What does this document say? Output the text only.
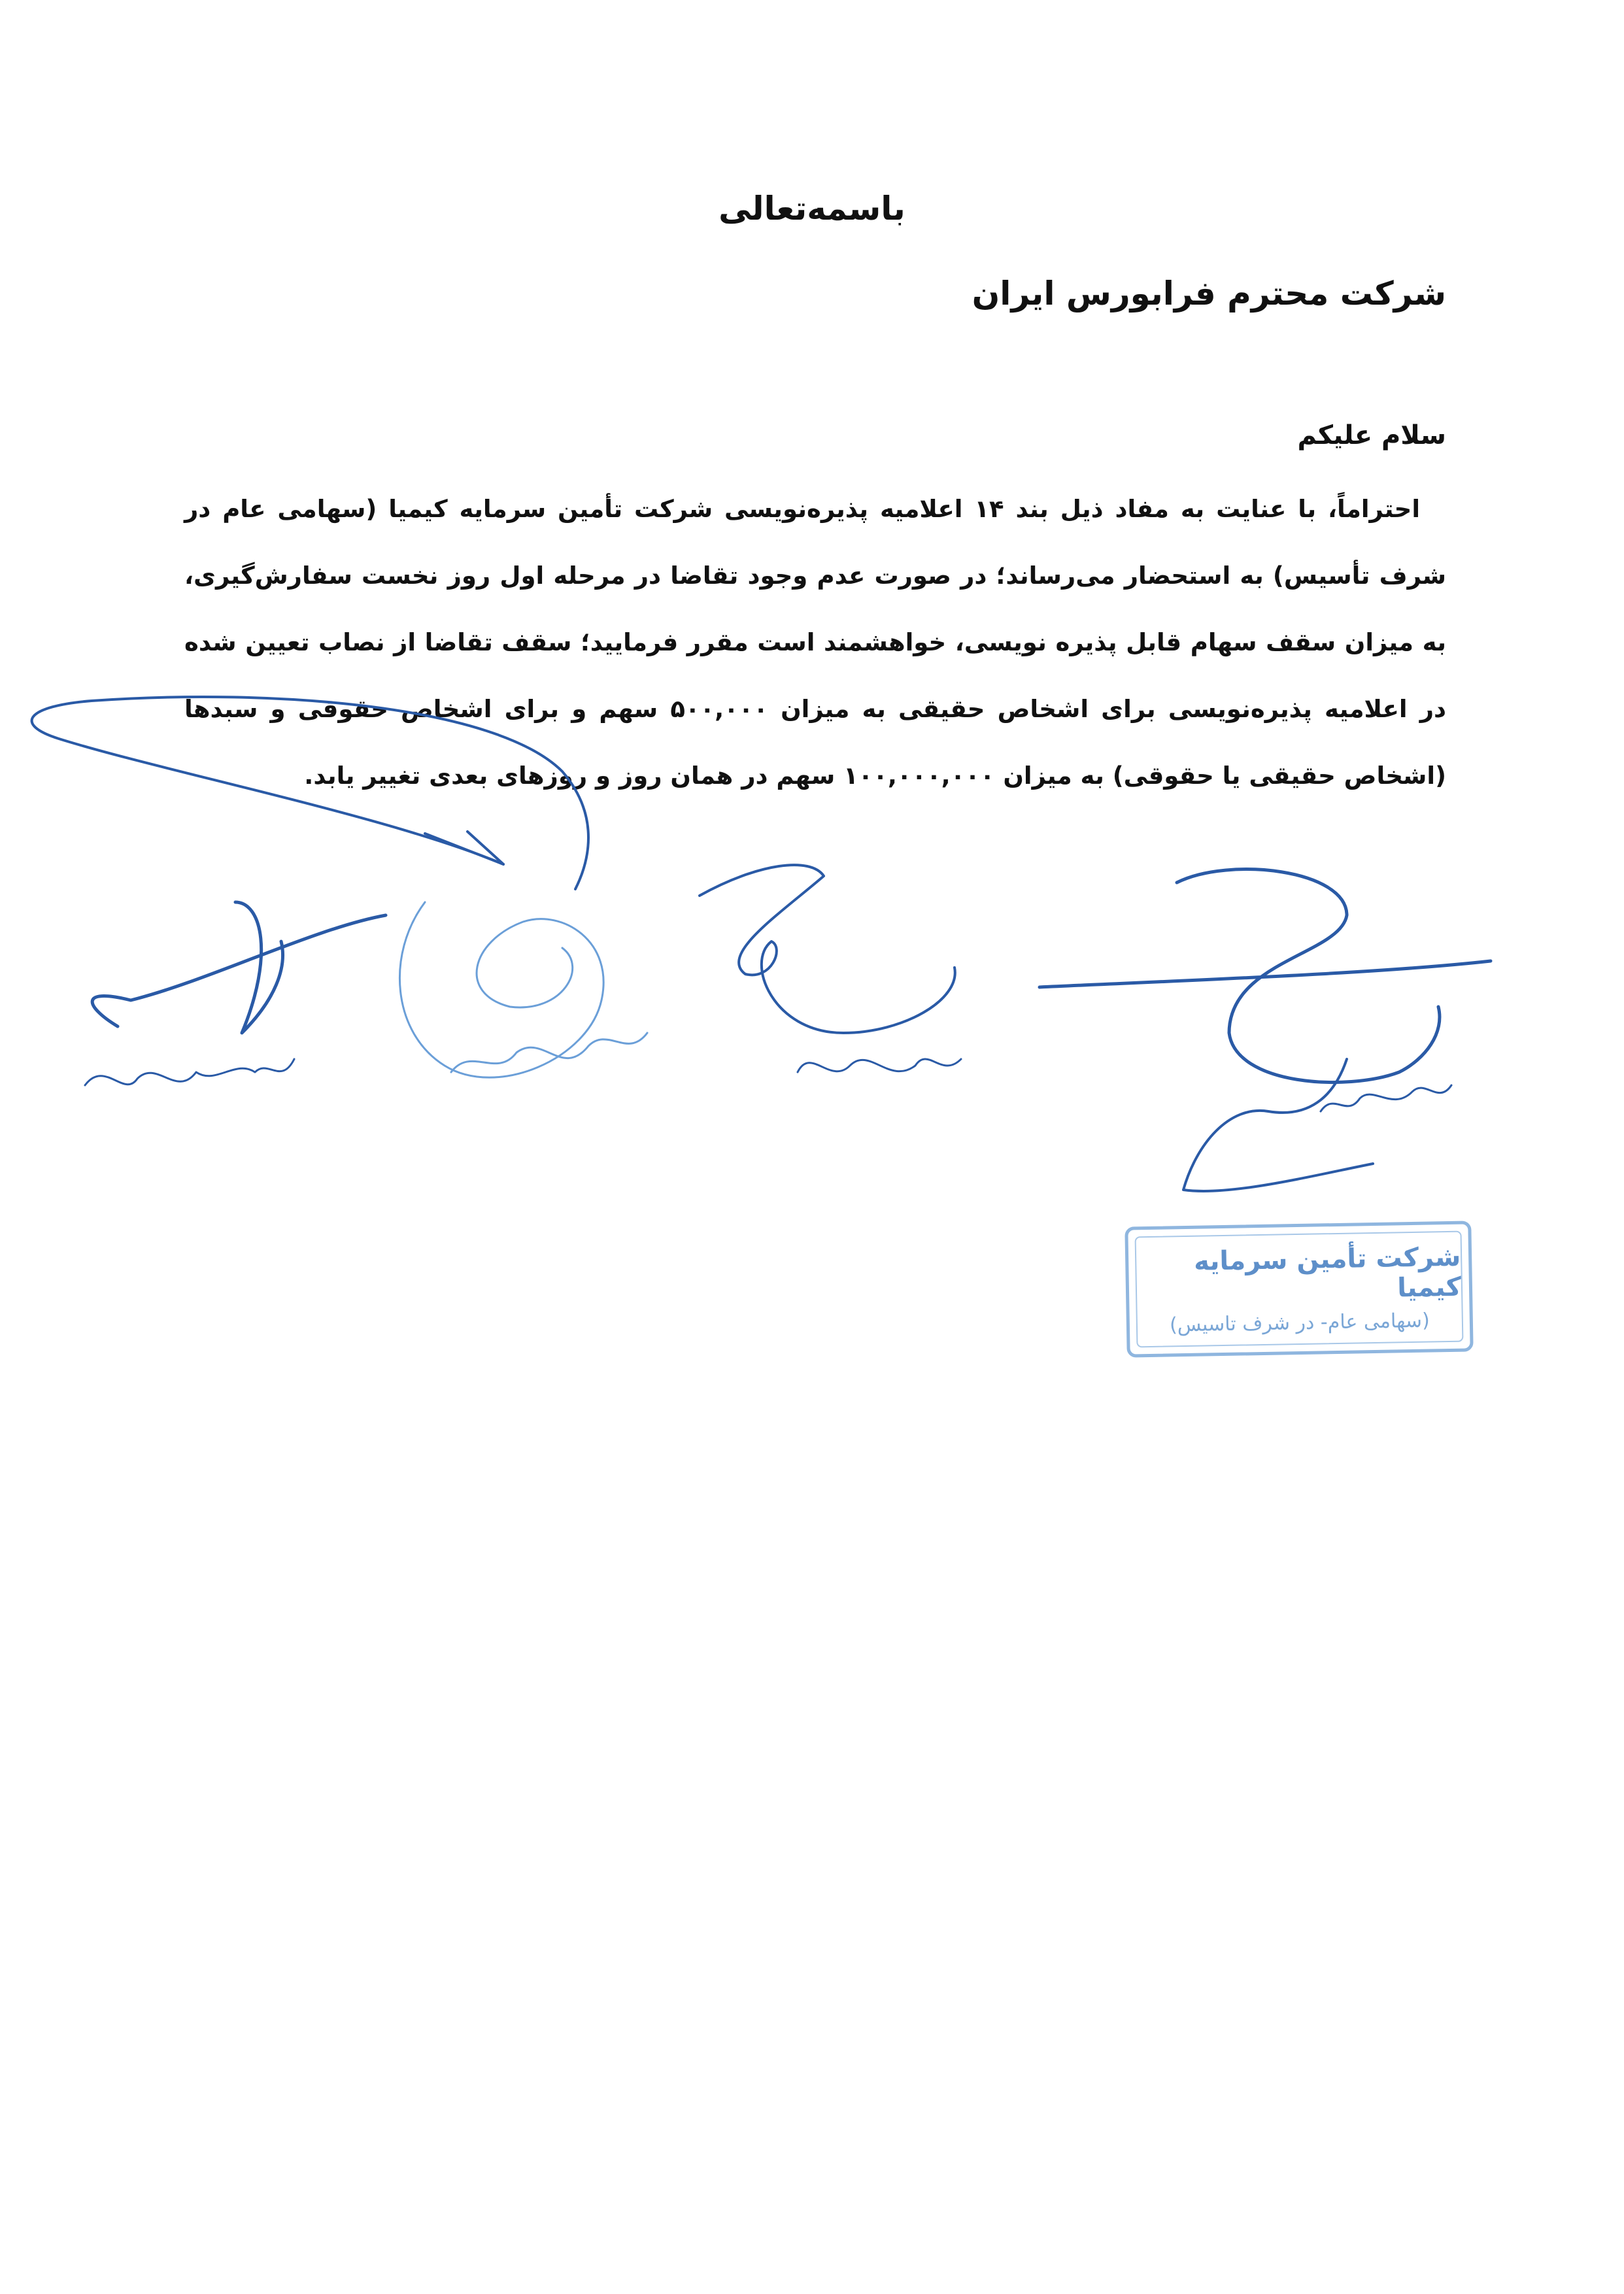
باسمه‌تعالی
شرکت محترم فرابورس ایران
سلام علیکم

احتراماً، با عنایت به مفاد ذیل بند ۱۴ اعلامیه پذیره‌نویسی شرکت تأمین سرمایه کیمیا (سهامی عام در شرف تأسیس) به استحضار می‌رساند؛ در صورت عدم وجود تقاضا در مرحله اول روز نخست سفارش‌گیری، به میزان سقف سهام قابل پذیره نویسی، خواهشمند است مقرر فرمایید؛ سقف تقاضا از نصاب تعیین شده در اعلامیه پذیره‌نویسی برای اشخاص حقیقی به میزان ۵۰۰,۰۰۰ سهم و برای اشخاص حقوقی و سبدها (اشخاص حقیقی یا حقوقی) به میزان ۱۰۰,۰۰۰,۰۰۰ سهم در همان روز و روزهای بعدی تغییر یابد.

شرکت تأمین سرمایه کیمیا
(سهامی عام- در شرف تاسیس)
